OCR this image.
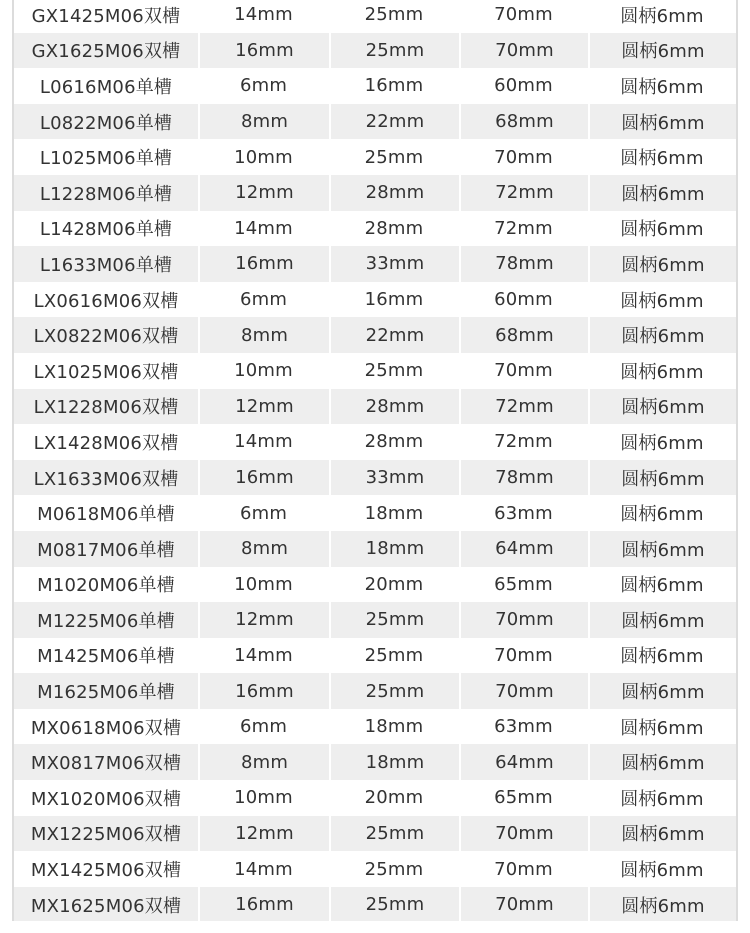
GX1425M06双槽	14mm	25mm	70mm	圆柄6mm
GX1625M06双槽	16mm	25mm	70mm	圆柄6mm
L0616M06单槽	6mm	16mm	60mm	圆柄6mm
L0822M06单槽	8mm	22mm	68mm	圆柄6mm
L1025M06单槽	10mm	25mm	70mm	圆柄6mm
L1228M06单槽	12mm	28mm	72mm	圆柄6mm
L1428M06单槽	14mm	28mm	72mm	圆柄6mm
L1633M06单槽	16mm	33mm	78mm	圆柄6mm
LX0616M06双槽	6mm	16mm	60mm	圆柄6mm
LX0822M06双槽	8mm	22mm	68mm	圆柄6mm
LX1025M06双槽	10mm	25mm	70mm	圆柄6mm
LX1228M06双槽	12mm	28mm	72mm	圆柄6mm
LX1428M06双槽	14mm	28mm	72mm	圆柄6mm
LX1633M06双槽	16mm	33mm	78mm	圆柄6mm
M0618M06单槽	6mm	18mm	63mm	圆柄6mm
M0817M06单槽	8mm	18mm	64mm	圆柄6mm
M1020M06单槽	10mm	20mm	65mm	圆柄6mm
M1225M06单槽	12mm	25mm	70mm	圆柄6mm
M1425M06单槽	14mm	25mm	70mm	圆柄6mm
M1625M06单槽	16mm	25mm	70mm	圆柄6mm
MX0618M06双槽	6mm	18mm	63mm	圆柄6mm
MX0817M06双槽	8mm	18mm	64mm	圆柄6mm
MX1020M06双槽	10mm	20mm	65mm	圆柄6mm
MX1225M06双槽	12mm	25mm	70mm	圆柄6mm
MX1425M06双槽	14mm	25mm	70mm	圆柄6mm
MX1625M06双槽	16mm	25mm	70mm	圆柄6mm
